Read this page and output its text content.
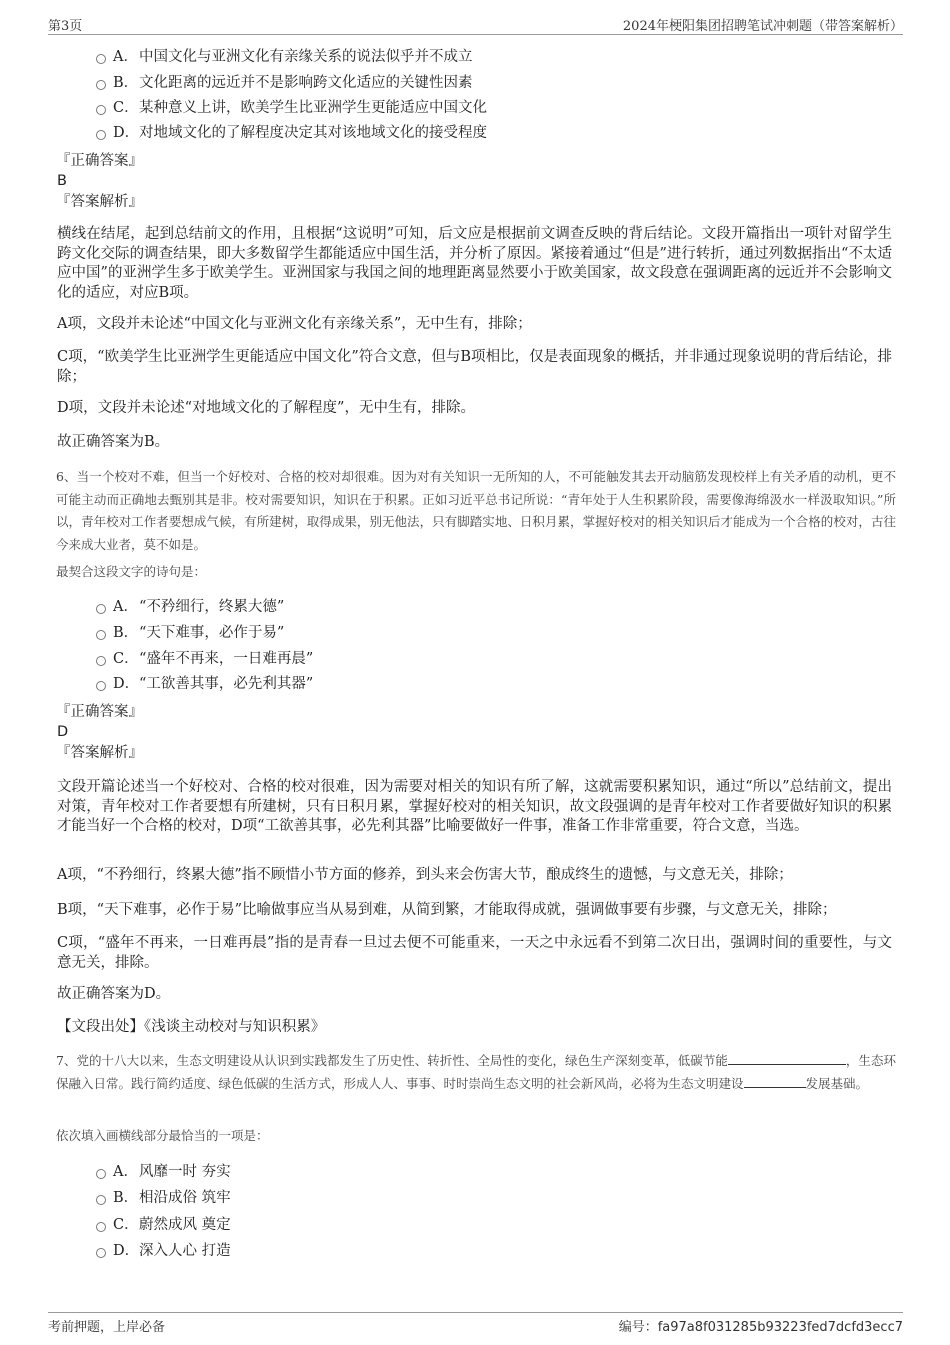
第3页	2024年梗阳集团招聘笔试冲刺题（带答案解析）
A．中国文化与亚洲文化有亲缘关系的说法似乎并不成立
B．文化距离的远近并不是影响跨文化适应的关键性因素
C．某种意义上讲，欧美学生比亚洲学生更能适应中国文化
D．对地域文化的了解程度决定其对该地域文化的接受程度
『正确答案』
B
『答案解析』
横线在结尾，起到总结前文的作用，且根据“这说明”可知，后文应是根据前文调查反映的背后结论。文段开篇指出一项针对留学生跨文化交际的调查结果，即大多数留学生都能适应中国生活，并分析了原因。紧接着通过“但是”进行转折，通过列数据指出“不太适应中国”的亚洲学生多于欧美学生。亚洲国家与我国之间的地理距离显然要小于欧美国家，故文段意在强调距离的远近并不会影响文化的适应，对应B项。
A项，文段并未论述“中国文化与亚洲文化有亲缘关系”，无中生有，排除；
C项，“欧美学生比亚洲学生更能适应中国文化”符合文意，但与B项相比，仅是表面现象的概括，并非通过现象说明的背后结论，排除；
D项，文段并未论述“对地域文化的了解程度”，无中生有，排除。
故正确答案为B。
6、当一个校对不难，但当一个好校对、合格的校对却很难。因为对有关知识一无所知的人，不可能触发其去开动脑筋发现校样上有关矛盾的动机，更不可能主动而正确地去甄别其是非。校对需要知识，知识在于积累。正如习近平总书记所说：“青年处于人生积累阶段，需要像海绵汲水一样汲取知识。”所以，青年校对工作者要想成气候，有所建树，取得成果，别无他法，只有脚踏实地、日积月累，掌握好校对的相关知识后才能成为一个合格的校对，古往今来成大业者，莫不如是。
最契合这段文字的诗句是：
A．“不矜细行，终累大德”
B．“天下难事，必作于易”
C．“盛年不再来，一日难再晨”
D．“工欲善其事，必先利其器”
『正确答案』
D
『答案解析』
文段开篇论述当一个好校对、合格的校对很难，因为需要对相关的知识有所了解，这就需要积累知识，通过“所以”总结前文，提出对策，青年校对工作者要想有所建树，只有日积月累，掌握好校对的相关知识，故文段强调的是青年校对工作者要做好知识的积累才能当好一个合格的校对，D项“工欲善其事，必先利其器”比喻要做好一件事，准备工作非常重要，符合文意，当选。
A项，“不矜细行，终累大德”指不顾惜小节方面的修养，到头来会伤害大节，酿成终生的遗憾，与文意无关，排除；
B项，“天下难事，必作于易”比喻做事应当从易到难，从简到繁，才能取得成就，强调做事要有步骤，与文意无关，排除；
C项，“盛年不再来，一日难再晨”指的是青春一旦过去便不可能重来，一天之中永远看不到第二次日出，强调时间的重要性，与文意无关，排除。
故正确答案为D。
【文段出处】《浅谈主动校对与知识积累》
7、党的十八大以来，生态文明建设从认识到实践都发生了历史性、转折性、全局性的变化，绿色生产深刻变革，低碳节能	，生态环保融入日常。践行简约适度、绿色低碳的生活方式，形成人人、事事、时时崇尚生态文明的社会新风尚，必将为生态文明建设	发展基础。
依次填入画横线部分最恰当的一项是：
A．风靡一时 夯实
B．相沿成俗 筑牢
C．蔚然成风 奠定
D．深入人心 打造
考前押题，上岸必备	编号：fa97a8f031285b93223fed7dcfd3ecc7
